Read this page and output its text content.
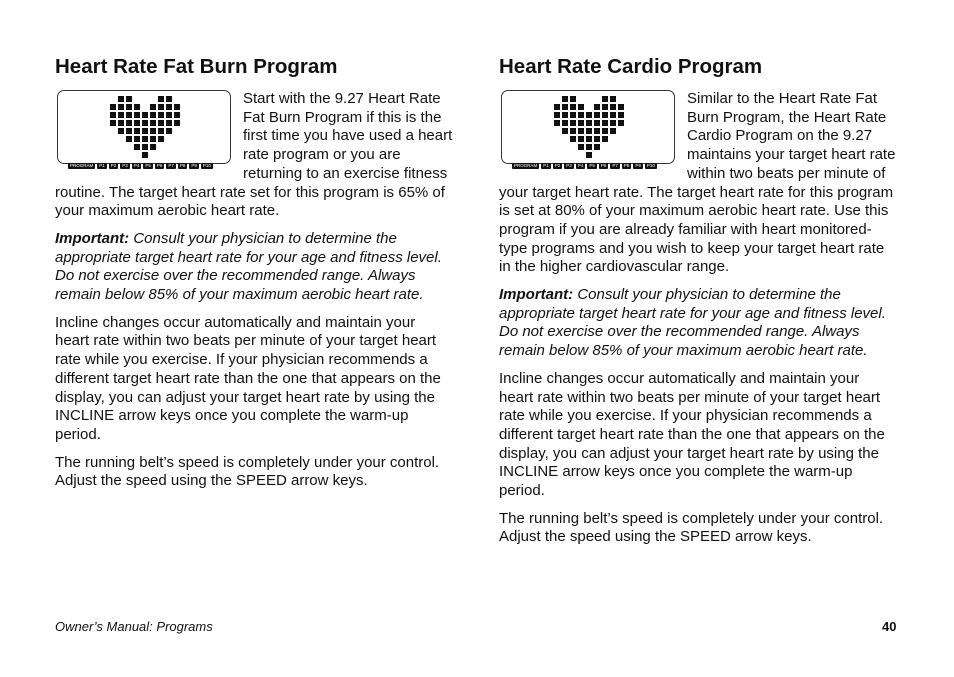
Heart Rate Fat Burn Program
PROGRAM	P1	P2	P3	P4	P5	P6	P7	P8	P9	P10

Start with the 9.27 Heart Rate Fat Burn Program if this is the first time you have used a heart rate program or you are returning to an exercise fitness routine. The target heart rate set for this program is 65% of your maximum aerobic heart rate.

Important: Consult your physician to determine the appropriate target heart rate for your age and fitness level. Do not exercise over the recommended range. Always remain below 85% of your maximum aerobic heart rate.

Incline changes occur automatically and maintain your heart rate within two beats per minute of your target heart rate while you exercise. If your physician recommends a different target heart rate than the one that appears on the display, you can adjust your target heart rate by using the INCLINE arrow keys once you complete the warm-up period.

The running belt’s speed is completely under your control. Adjust the speed using the SPEED arrow keys.

Heart Rate Cardio Program
PROGRAM	P1	P2	P3	P4	P5	P6	P7	P8	P9	P10

Similar to the Heart Rate Fat Burn Program, the Heart Rate Cardio Program on the 9.27 maintains your target heart rate within two beats per minute of your target heart rate. The target heart rate for this program is set at 80% of your maximum aerobic heart rate. Use this program if you are already familiar with heart monitored-type programs and you wish to keep your target heart rate in the higher cardiovascular range.

Important: Consult your physician to determine the appropriate target heart rate for your age and fitness level. Do not exercise over the recommended range. Always remain below 85% of your maximum aerobic heart rate.

Incline changes occur automatically and maintain your heart rate within two beats per minute of your target heart rate while you exercise. If your physician recommends a different target heart rate than the one that appears on the display, you can adjust your target heart rate by using the INCLINE arrow keys once you complete the warm-up period.

The running belt’s speed is completely under your control. Adjust the speed using the SPEED arrow keys.

Owner’s Manual: Programs	40
